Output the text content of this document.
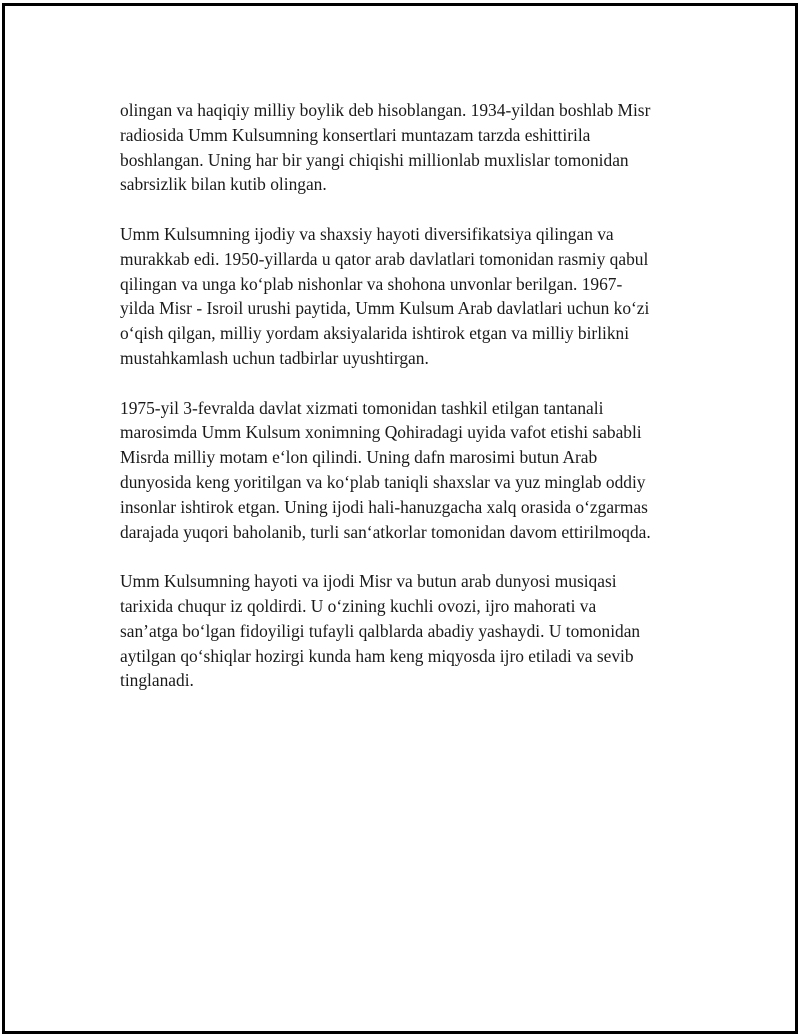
olingan va haqiqiy milliy boylik deb hisoblangan. 1934-yildan boshlab Misr
radiosida Umm Kulsumning konsertlari muntazam tarzda eshittirila
boshlangan. Uning har bir yangi chiqishi millionlab muxlislar tomonidan
sabrsizlik bilan kutib olingan.

Umm Kulsumning ijodiy va shaxsiy hayoti diversifikatsiya qilingan va
murakkab edi. 1950-yillarda u qator arab davlatlari tomonidan rasmiy qabul
qilingan va unga koʻplab nishonlar va shohona unvonlar berilgan. 1967-
yilda Misr - Isroil urushi paytida, Umm Kulsum Arab davlatlari uchun koʻzi
oʻqish qilgan, milliy yordam aksiyalarida ishtirok etgan va milliy birlikni
mustahkamlash uchun tadbirlar uyushtirgan.

1975-yil 3-fevralda davlat xizmati tomonidan tashkil etilgan tantanali
marosimda Umm Kulsum xonimning Qohiradagi uyida vafot etishi sababli
Misrda milliy motam eʻlon qilindi. Uning dafn marosimi butun Arab
dunyosida keng yoritilgan va koʻplab taniqli shaxslar va yuz minglab oddiy
insonlar ishtirok etgan. Uning ijodi hali-hanuzgacha xalq orasida oʻzgarmas
darajada yuqori baholanib, turli sanʻatkorlar tomonidan davom ettirilmoqda.

Umm Kulsumning hayoti va ijodi Misr va butun arab dunyosi musiqasi
tarixida chuqur iz qoldirdi. U oʻzining kuchli ovozi, ijro mahorati va
sanʼatga boʻlgan fidoyiligi tufayli qalblarda abadiy yashaydi. U tomonidan
aytilgan qoʻshiqlar hozirgi kunda ham keng miqyosda ijro etiladi va sevib
tinglanadi.
